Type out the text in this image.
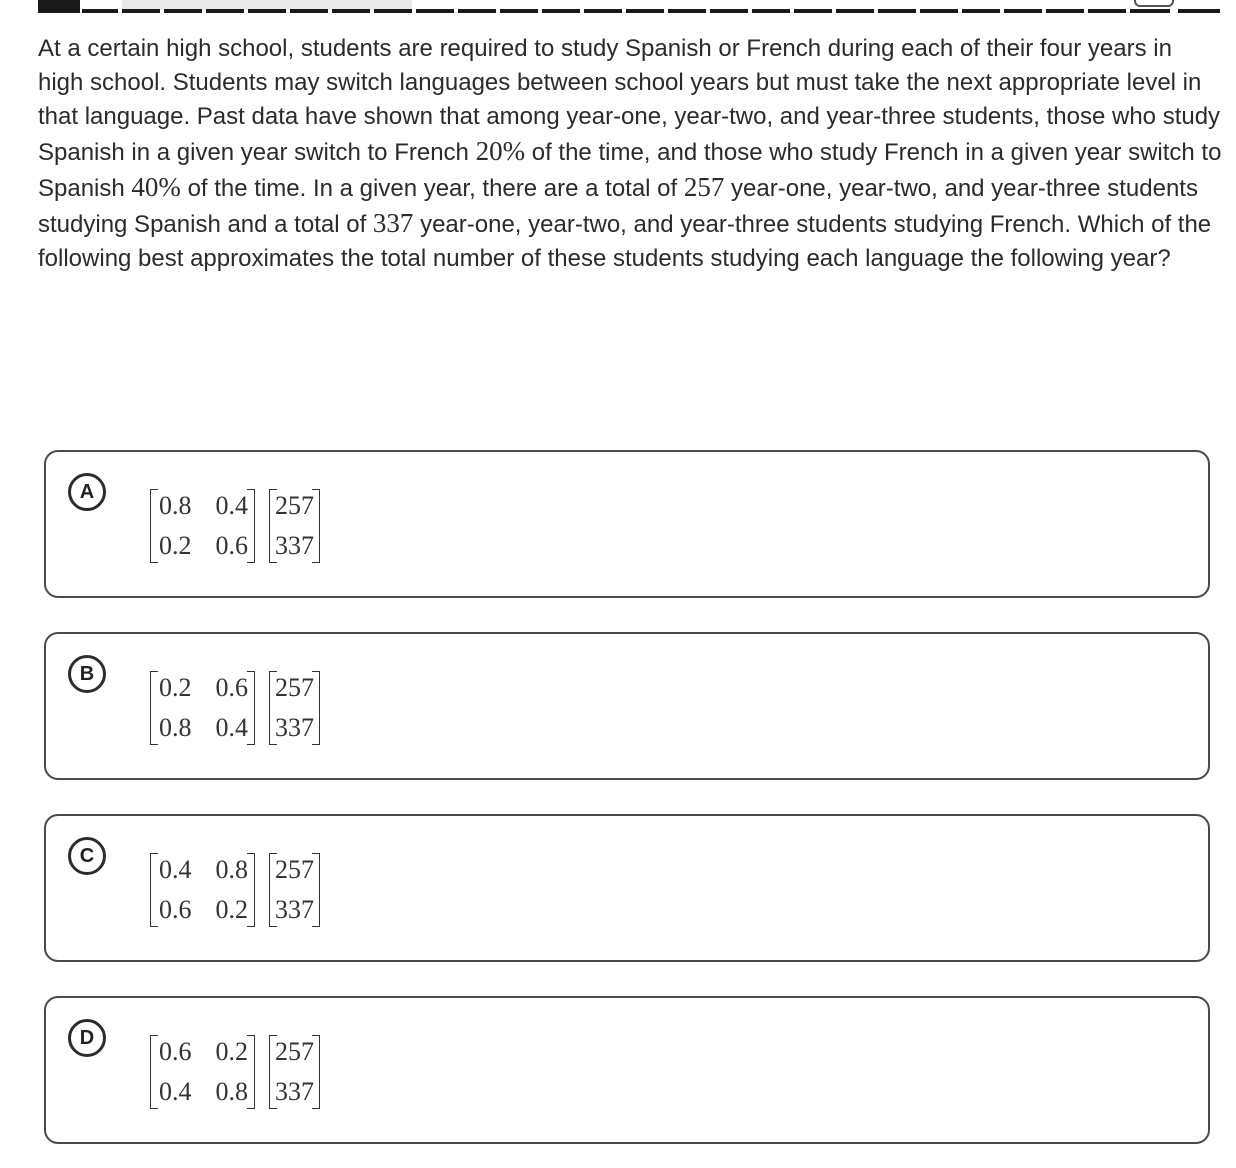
At a certain high school, students are required to study Spanish or French during each of their four years in high school. Students may switch languages between school years but must take the next appropriate level in that language. Past data have shown that among year-one, year-two, and year-three students, those who study Spanish in a given year switch to French 20% of the time, and those who study French in a given year switch to Spanish 40% of the time. In a given year, there are a total of 257 year-one, year-two, and year-three students studying Spanish and a total of 337 year-one, year-two, and year-three students studying French. Which of the following best approximates the total number of these students studying each language the following year?

A	0.8 0.4
0.2 0.6
257
337
B	0.2 0.6
0.8 0.4
257
337
C	0.4 0.8
0.6 0.2
257
337
D	0.6 0.2
0.4 0.8
257
337
